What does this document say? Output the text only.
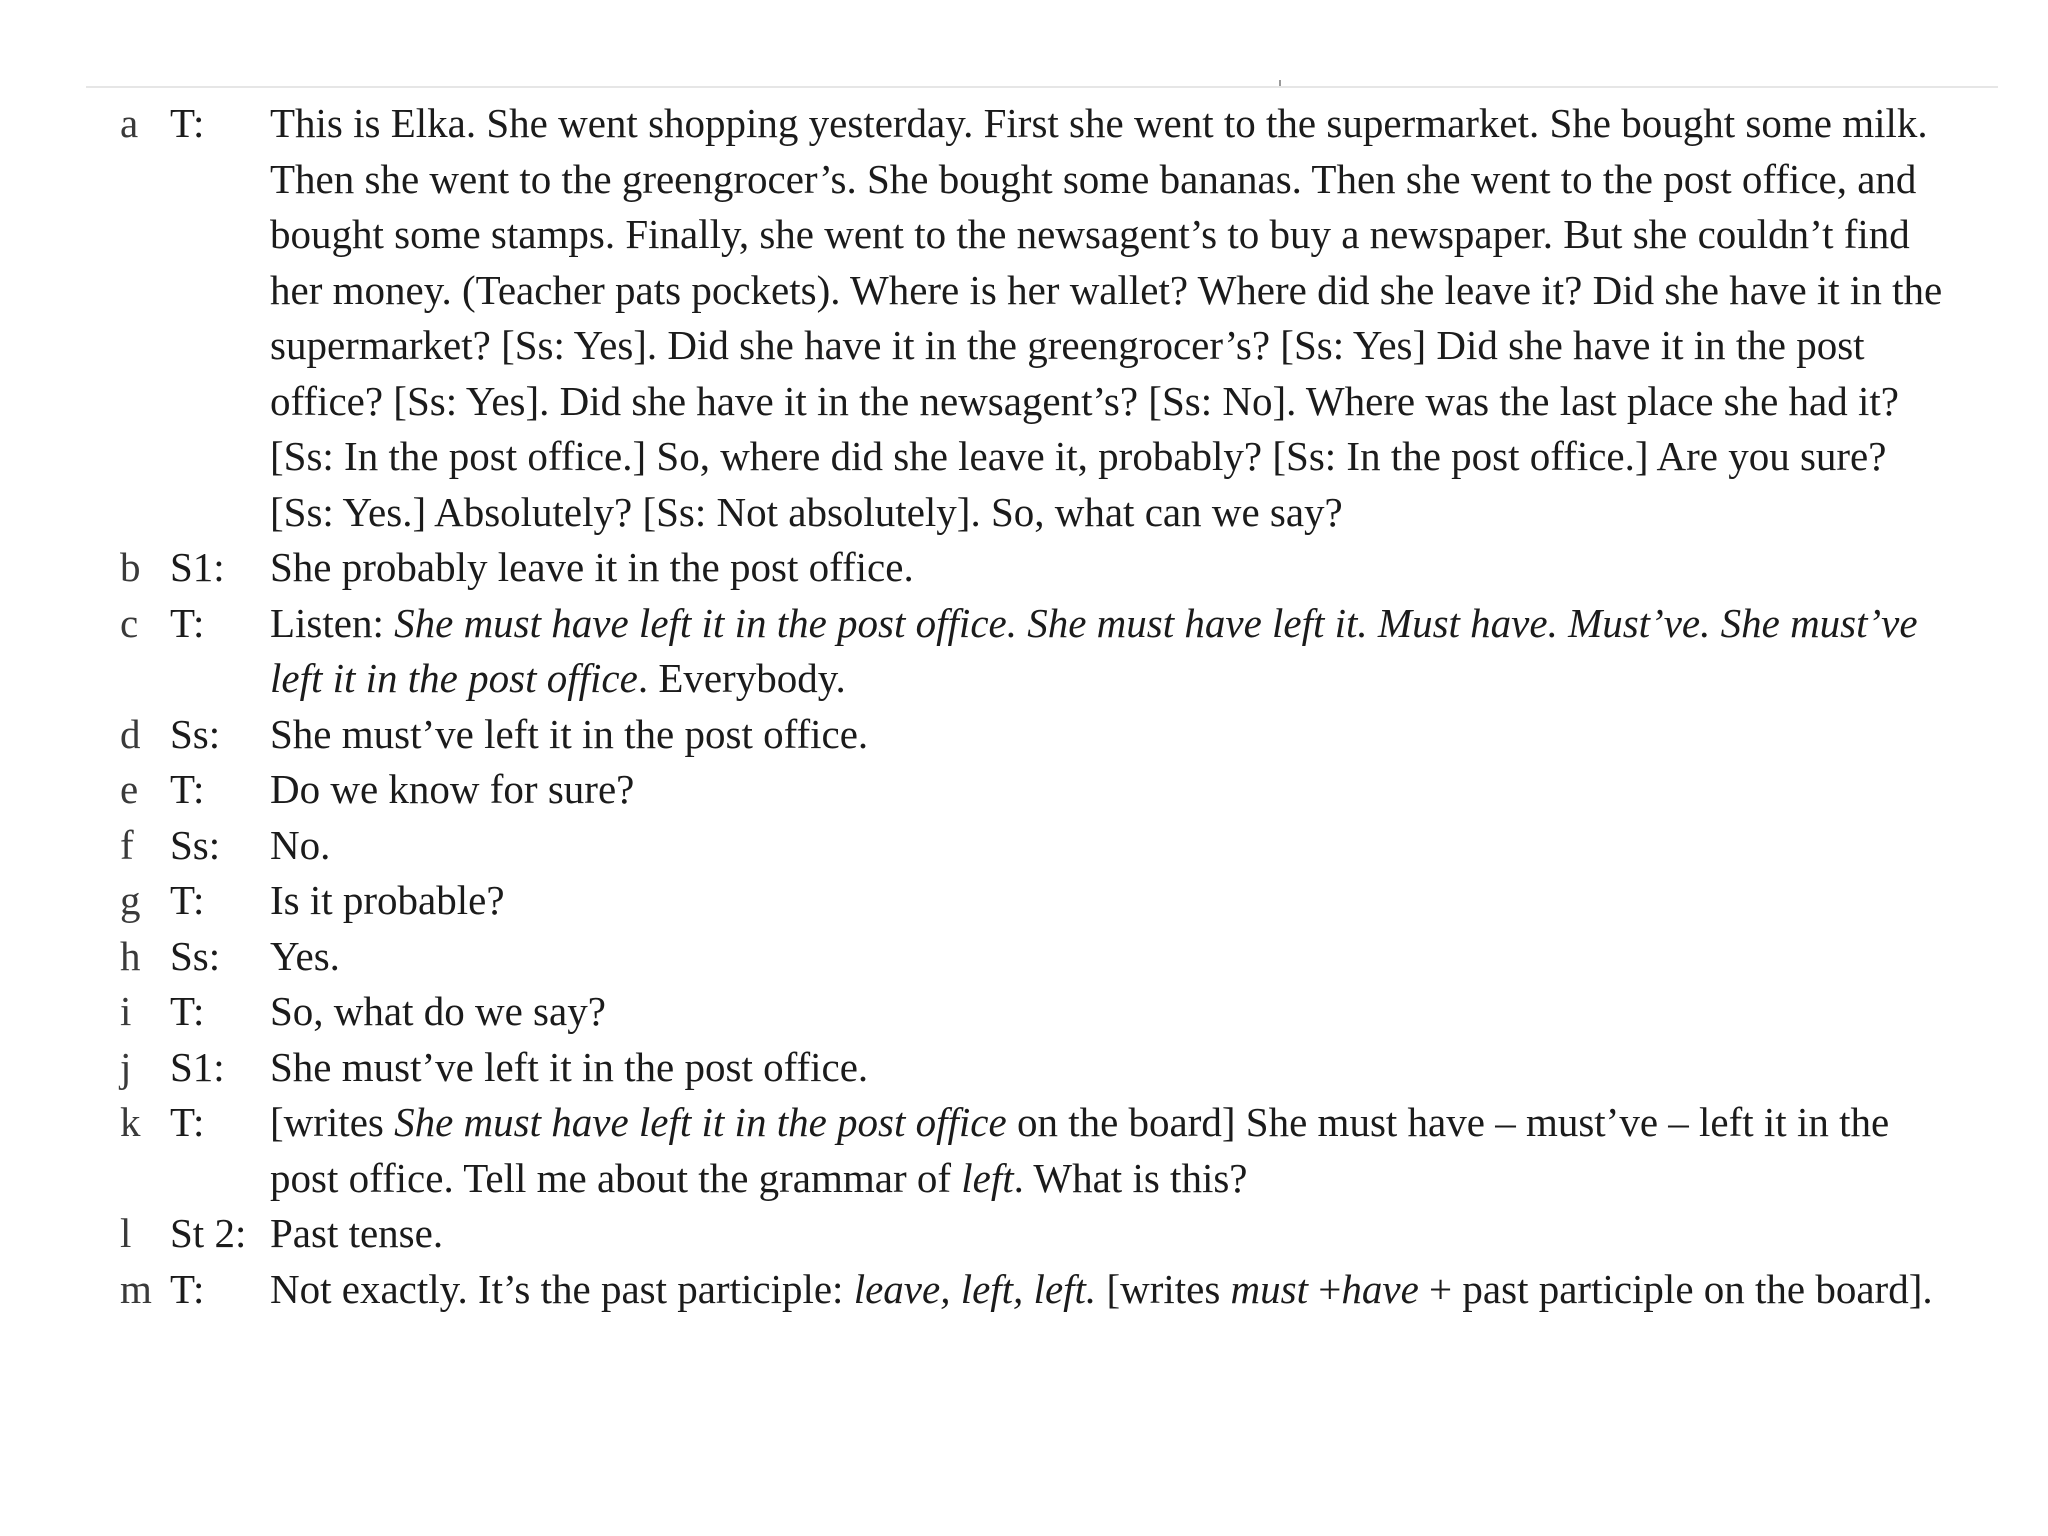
a T:	This is Elka. She went shopping yesterday. First she went to the supermarket. She bought some milk. Then she went to the greengrocer’s. She bought some bananas. Then she went to the post office, and bought some stamps. Finally, she went to the newsagent’s to buy a newspaper. But she couldn’t find her money. (Teacher pats pockets). Where is her wallet? Where did she leave it? Did she have it in the supermarket? [Ss: Yes]. Did she have it in the greengrocer’s? [Ss: Yes] Did she have it in the post office? [Ss: Yes]. Did she have it in the newsagent’s? [Ss: No]. Where was the last place she had it? [Ss: In the post office.] So, where did she leave it, probably? [Ss: In the post office.] Are you sure? [Ss: Yes.] Absolutely? [Ss: Not absolutely]. So, what can we say?
b S1:	She probably leave it in the post office.
c T:	Listen: She must have left it in the post office. She must have left it. Must have. Must’ve. She must’ve left it in the post office. Everybody.
d Ss:	She must’ve left it in the post office.
e T:	Do we know for sure?
f Ss:	No.
g T:	Is it probable?
h Ss:	Yes.
i T:	So, what do we say?
j S1:	She must’ve left it in the post office.
k T:	[writes She must have left it in the post office on the board] She must have – must’ve – left it in the post office. Tell me about the grammar of left. What is this?
l St 2: Past tense.
m T:	Not exactly. It’s the past participle: leave, left, left. [writes must +have + past participle on the board].
